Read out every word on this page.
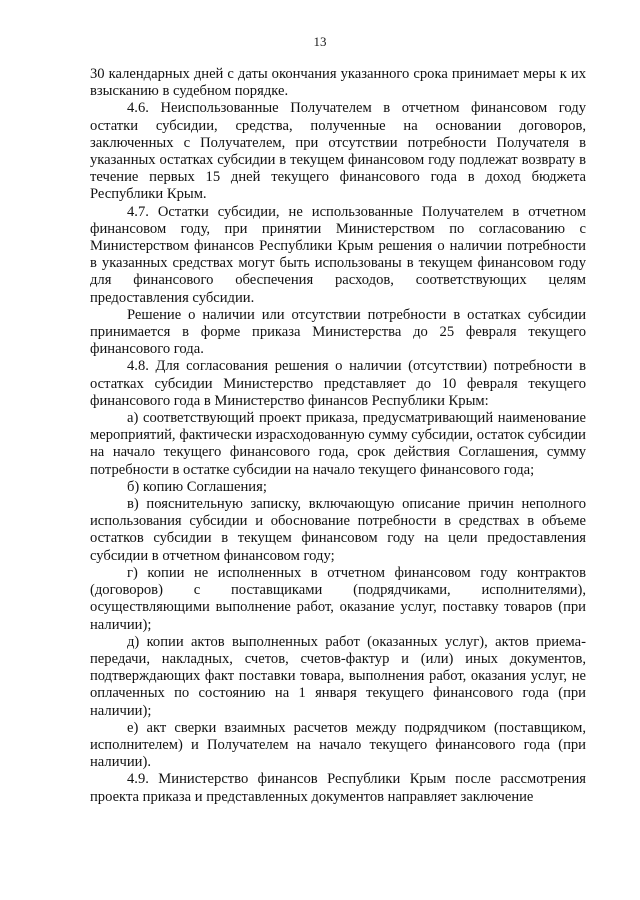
13

30 календарных дней с даты окончания указанного срока принимает меры к их взысканию в судебном порядке.

4.6. Неиспользованные Получателем в отчетном финансовом году остатки субсидии, средства, полученные на основании договоров, заключенных с Получателем, при отсутствии потребности Получателя в указанных остатках субсидии в текущем финансовом году подлежат возврату в течение первых 15 дней текущего финансового года в доход бюджета Республики Крым.

4.7. Остатки субсидии, не использованные Получателем в отчетном финансовом году, при принятии Министерством по согласованию с Министерством финансов Республики Крым решения о наличии потребности в указанных средствах могут быть использованы в текущем финансовом году для финансового обеспечения расходов, соответствующих целям предоставления субсидии.

Решение о наличии или отсутствии потребности в остатках субсидии принимается в форме приказа Министерства до 25 февраля текущего финансового года.

4.8. Для согласования решения о наличии (отсутствии) потребности в остатках субсидии Министерство представляет до 10 февраля текущего финансового года в Министерство финансов Республики Крым:

а) соответствующий проект приказа, предусматривающий наименование мероприятий, фактически израсходованную сумму субсидии, остаток субсидии на начало текущего финансового года, срок действия Соглашения, сумму потребности в остатке субсидии на начало текущего финансового года;

б) копию Соглашения;

в) пояснительную записку, включающую описание причин неполного использования субсидии и обоснование потребности в средствах в объеме остатков субсидии в текущем финансовом году на цели предоставления субсидии в отчетном финансовом году;

г) копии не исполненных в отчетном финансовом году контрактов (договоров) с поставщиками (подрядчиками, исполнителями), осуществляющими выполнение работ, оказание услуг, поставку товаров (при наличии);

д) копии актов выполненных работ (оказанных услуг), актов приема-передачи, накладных, счетов, счетов-фактур и (или) иных документов, подтверждающих факт поставки товара, выполнения работ, оказания услуг, не оплаченных по состоянию на 1 января текущего финансового года (при наличии);

е) акт сверки взаимных расчетов между подрядчиком (поставщиком, исполнителем) и Получателем на начало текущего финансового года (при наличии).

4.9. Министерство финансов Республики Крым после рассмотрения проекта приказа и представленных документов направляет заключение
